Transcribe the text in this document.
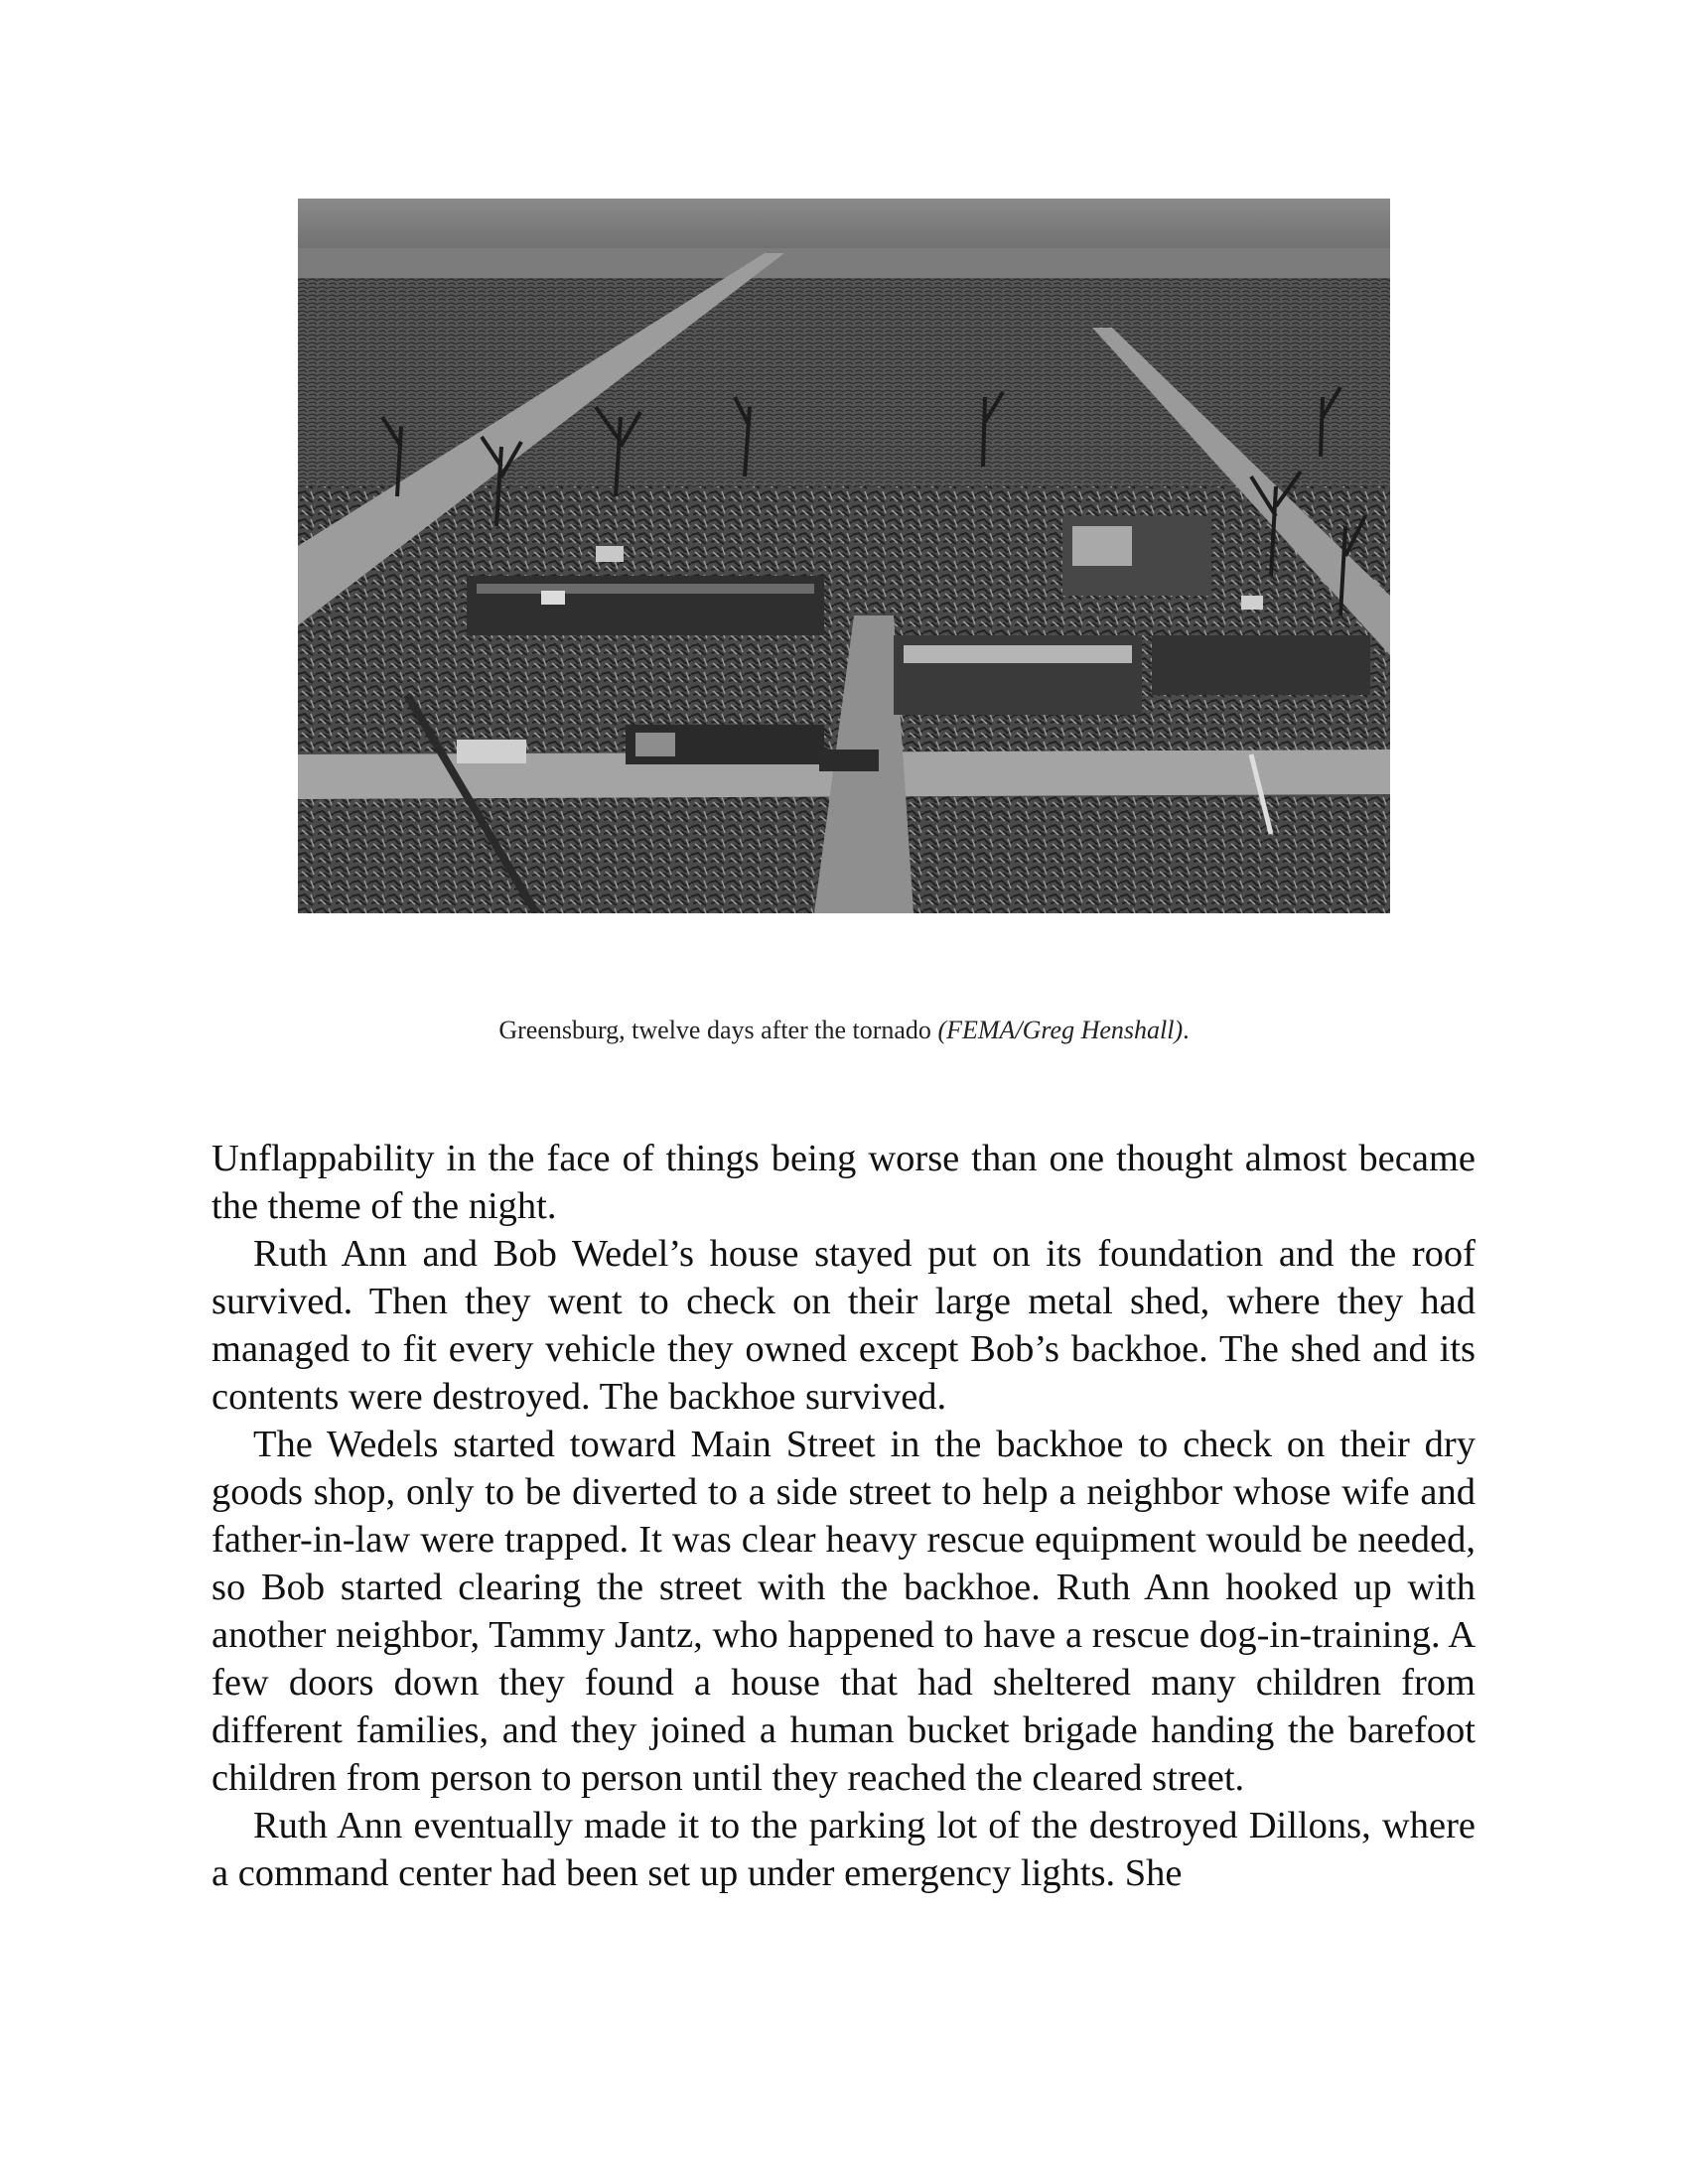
Greensburg, twelve days after the tornado (FEMA/Greg Henshall).

Unflappability in the face of things being worse than one thought almost became the theme of the night.

Ruth Ann and Bob Wedel’s house stayed put on its foundation and the roof survived. Then they went to check on their large metal shed, where they had managed to fit every vehicle they owned except Bob’s backhoe. The shed and its contents were destroyed. The backhoe survived.

The Wedels started toward Main Street in the backhoe to check on their dry goods shop, only to be diverted to a side street to help a neighbor whose wife and father-in-law were trapped. It was clear heavy rescue equipment would be needed, so Bob started clearing the street with the backhoe. Ruth Ann hooked up with another neighbor, Tammy Jantz, who happened to have a rescue dog-in-training. A few doors down they found a house that had sheltered many children from different families, and they joined a human bucket brigade handing the barefoot children from person to person until they reached the cleared street.

Ruth Ann eventually made it to the parking lot of the destroyed Dillons, where a command center had been set up under emergency lights. She
